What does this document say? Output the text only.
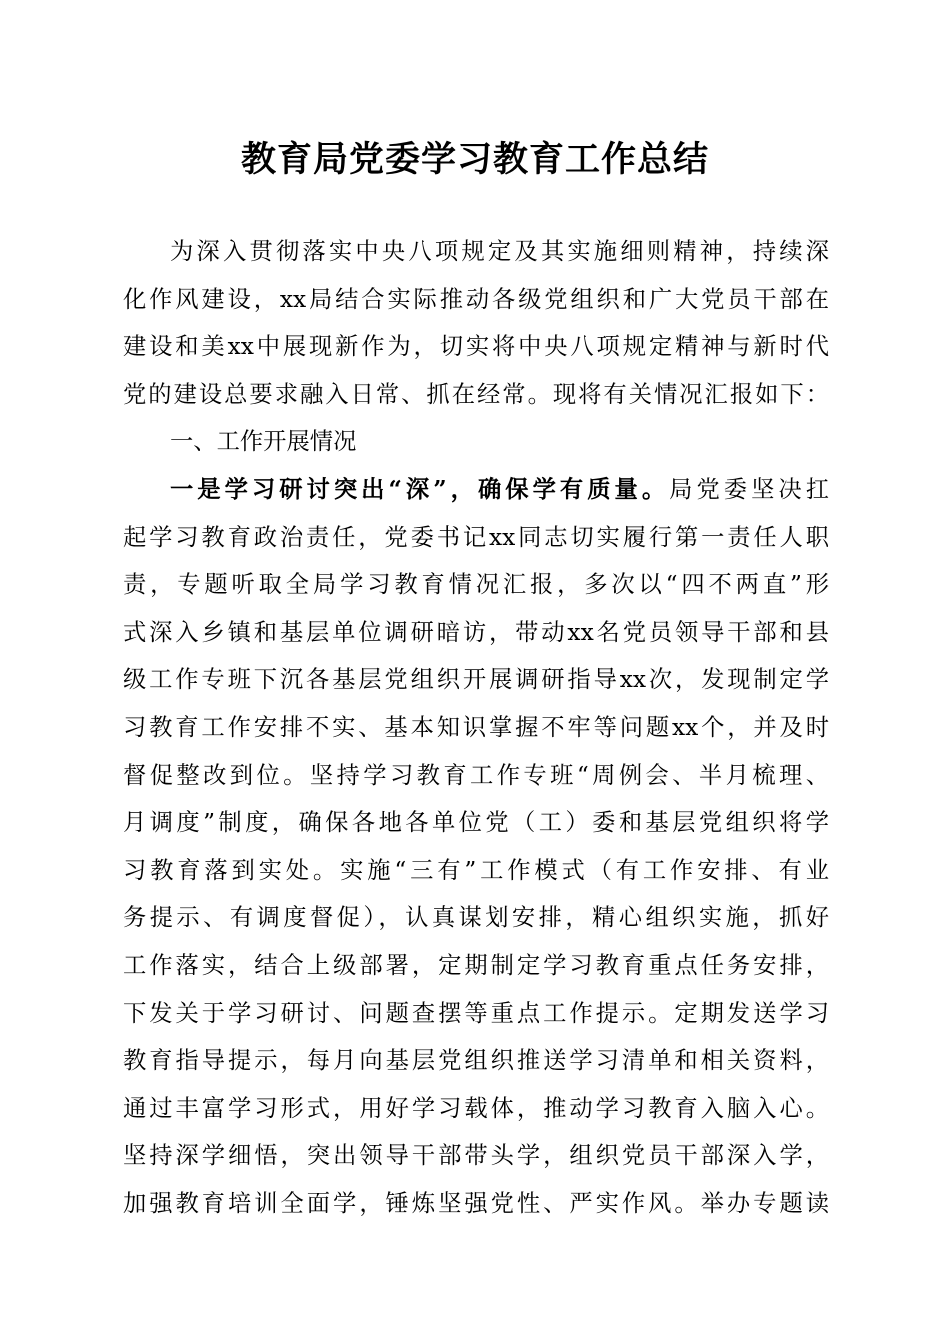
教育局党委学习教育工作总结
为深入贯彻落实中央八项规定及其实施细则精神，持续深
化作风建设，xx局结合实际推动各级党组织和广大党员干部在
建设和美xx中展现新作为，切实将中央八项规定精神与新时代
党的建设总要求融入日常、抓在经常。现将有关情况汇报如下：
一、工作开展情况
一是学习研讨突出“深”，确保学有质量。局党委坚决扛
起学习教育政治责任，党委书记xx同志切实履行第一责任人职
责，专题听取全局学习教育情况汇报，多次以“四不两直”形
式深入乡镇和基层单位调研暗访，带动xx名党员领导干部和县
级工作专班下沉各基层党组织开展调研指导xx次，发现制定学
习教育工作安排不实、基本知识掌握不牢等问题xx个，并及时
督促整改到位。坚持学习教育工作专班“周例会、半月梳理、
月调度”制度，确保各地各单位党（工）委和基层党组织将学
习教育落到实处。实施“三有”工作模式（有工作安排、有业
务提示、有调度督促），认真谋划安排，精心组织实施，抓好
工作落实，结合上级部署，定期制定学习教育重点任务安排，
下发关于学习研讨、问题查摆等重点工作提示。定期发送学习
教育指导提示，每月向基层党组织推送学习清单和相关资料，
通过丰富学习形式，用好学习载体，推动学习教育入脑入心。
坚持深学细悟，突出领导干部带头学，组织党员干部深入学，
加强教育培训全面学，锤炼坚强党性、严实作风。举办专题读
